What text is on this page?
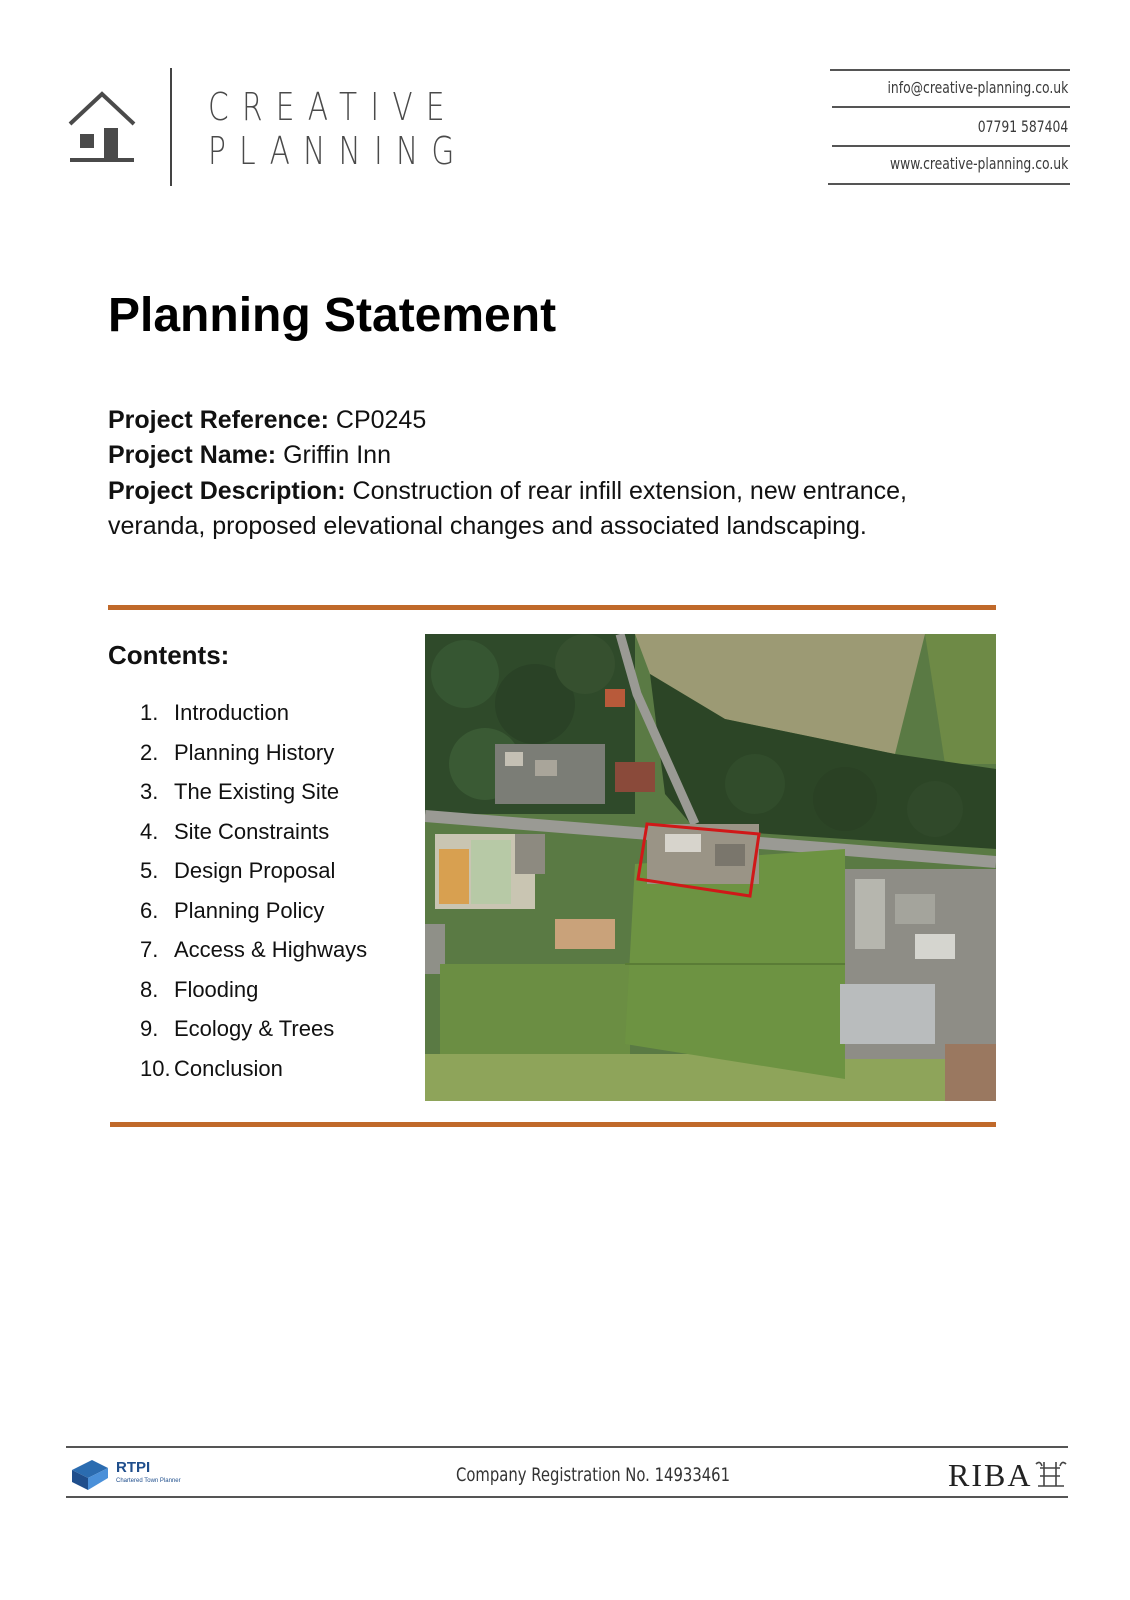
CREATIVE
PLANNING
info@creative-planning.co.uk
07791 587404
www.creative-planning.co.uk
Planning Statement
Project Reference: CP0245
Project Name: Griffin Inn
Project Description: Construction of rear infill extension, new entrance, veranda, proposed elevational changes and associated landscaping.
Contents:
1. Introduction
2. Planning History
3. The Existing Site
4. Site Constraints
5. Design Proposal
6. Planning Policy
7. Access & Highways
8. Flooding
9. Ecology & Trees
10. Conclusion
RTPI
Chartered Town Planner	Company Registration No. 14933461	RIBA
